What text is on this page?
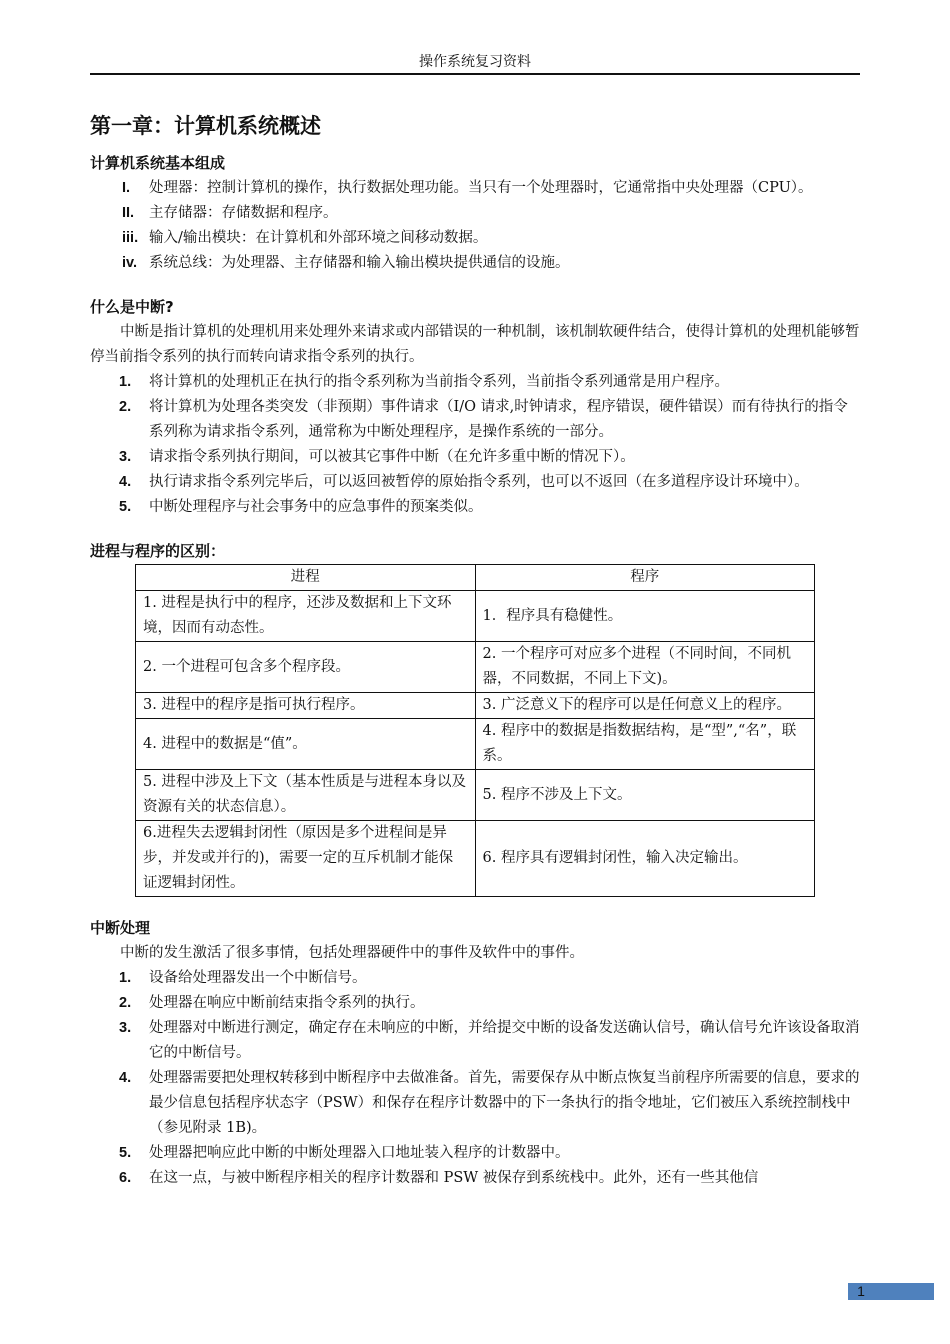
操作系统复习资料
第一章：计算机系统概述
计算机系统基本组成
I. 处理器：控制计算机的操作，执行数据处理功能。当只有一个处理器时，它通常指中央处理器（CPU）。
II. 主存储器：存储数据和程序。
iii. 输入/输出模块：在计算机和外部环境之间移动数据。
iv. 系统总线：为处理器、主存储器和输入输出模块提供通信的设施。
什么是中断?

中断是指计算机的处理机用来处理外来请求或内部错误的一种机制，该机制软硬件结合，使得计算机的处理机能够暂停当前指令系列的执行而转向请求指令系列的执行。

1. 将计算机的处理机正在执行的指令系列称为当前指令系列，当前指令系列通常是用户程序。
2. 将计算机为处理各类突发（非预期）事件请求（I/O 请求,时钟请求，程序错误，硬件错误）而有待执行的指令系列称为请求指令系列，通常称为中断处理程序，是操作系统的一部分。
3. 请求指令系列执行期间，可以被其它事件中断（在允许多重中断的情况下）。
4. 执行请求指令系列完毕后，可以返回被暂停的原始指令系列，也可以不返回（在多道程序设计环境中）。
5. 中断处理程序与社会事务中的应急事件的预案类似。
进程与程序的区别：
进程	程序
1. 进程是执行中的程序，还涉及数据和上下文环境，因而有动态性。	1．程序具有稳健性。
2. 一个进程可包含多个程序段。	2. 一个程序可对应多个进程（不同时间，不同机器，不同数据，不同上下文)。
3. 进程中的程序是指可执行程序。	3. 广泛意义下的程序可以是任何意义上的程序。
4. 进程中的数据是“值”。	4. 程序中的数据是指数据结构，是“型”,“名”，联系。
5. 进程中涉及上下文（基本性质是与进程本身以及资源有关的状态信息）。	5. 程序不涉及上下文。
6.进程失去逻辑封闭性（原因是多个进程间是异步，并发或并行的)，需要一定的互斥机制才能保证逻辑封闭性。	6. 程序具有逻辑封闭性，输入决定输出。
中断处理

中断的发生激活了很多事情，包括处理器硬件中的事件及软件中的事件。

1. 设备给处理器发出一个中断信号。
2. 处理器在响应中断前结束指令系列的执行。
3. 处理器对中断进行测定，确定存在未响应的中断，并给提交中断的设备发送确认信号，确认信号允许该设备取消它的中断信号。
4. 处理器需要把处理权转移到中断程序中去做准备。首先，需要保存从中断点恢复当前程序所需要的信息，要求的最少信息包括程序状态字（PSW）和保存在程序计数器中的下一条执行的指令地址，它们被压入系统控制栈中（参见附录 1B)。
5. 处理器把响应此中断的中断处理器入口地址装入程序的计数器中。
6. 在这一点，与被中断程序相关的程序计数器和 PSW 被保存到系统栈中。此外，还有一些其他信
1
